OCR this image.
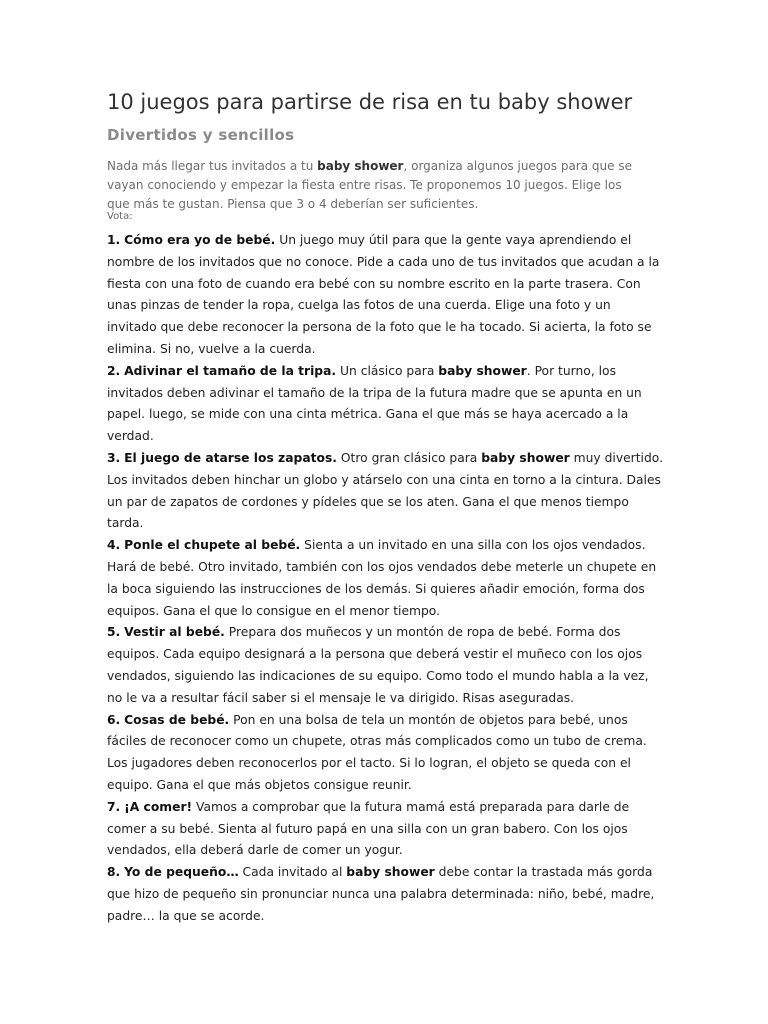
10 juegos para partirse de risa en tu baby shower
Divertidos y sencillos

Nada más llegar tus invitados a tu baby shower, organiza algunos juegos para que se vayan conociendo y empezar la fiesta entre risas. Te proponemos 10 juegos. Elige los que más te gustan. Piensa que 3 o 4 deberían ser suficientes.

Vota:

1. Cómo era yo de bebé. Un juego muy útil para que la gente vaya aprendiendo el nombre de los invitados que no conoce. Pide a cada uno de tus invitados que acudan a la fiesta con una foto de cuando era bebé con su nombre escrito en la parte trasera. Con unas pinzas de tender la ropa, cuelga las fotos de una cuerda. Elige una foto y un invitado que debe reconocer la persona de la foto que le ha tocado. Si acierta, la foto se elimina. Si no, vuelve a la cuerda.

2. Adivinar el tamaño de la tripa. Un clásico para baby shower. Por turno, los invitados deben adivinar el tamaño de la tripa de la futura madre que se apunta en un papel. luego, se mide con una cinta métrica. Gana el que más se haya acercado a la verdad.

3. El juego de atarse los zapatos. Otro gran clásico para baby shower muy divertido. Los invitados deben hinchar un globo y atárselo con una cinta en torno a la cintura. Dales un par de zapatos de cordones y pídeles que se los aten. Gana el que menos tiempo tarda.

4. Ponle el chupete al bebé. Sienta a un invitado en una silla con los ojos vendados. Hará de bebé. Otro invitado, también con los ojos vendados debe meterle un chupete en la boca siguiendo las instrucciones de los demás. Si quieres añadir emoción, forma dos equipos. Gana el que lo consigue en el menor tiempo.

5. Vestir al bebé. Prepara dos muñecos y un montón de ropa de bebé. Forma dos equipos. Cada equipo designará a la persona que deberá vestir el muñeco con los ojos vendados, siguiendo las indicaciones de su equipo. Como todo el mundo habla a la vez, no le va a resultar fácil saber si el mensaje le va dirigido. Risas aseguradas.

6. Cosas de bebé. Pon en una bolsa de tela un montón de objetos para bebé, unos fáciles de reconocer como un chupete, otras más complicados como un tubo de crema. Los jugadores deben reconocerlos por el tacto. Si lo logran, el objeto se queda con el equipo. Gana el que más objetos consigue reunir.

7. ¡A comer! Vamos a comprobar que la futura mamá está preparada para darle de comer a su bebé. Sienta al futuro papá en una silla con un gran babero. Con los ojos vendados, ella deberá darle de comer un yogur.

8. Yo de pequeño… Cada invitado al baby shower debe contar la trastada más gorda que hizo de pequeño sin pronunciar nunca una palabra determinada: niño, bebé, madre, padre… la que se acorde.
